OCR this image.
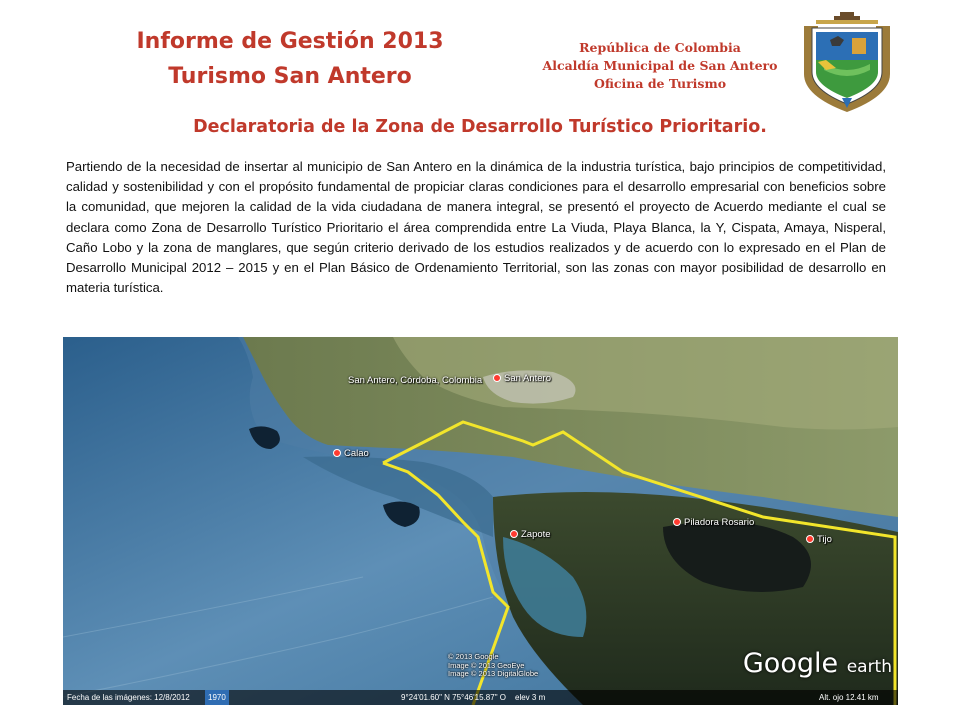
Informe de Gestión 2013
Turismo San Antero
República de Colombia
Alcaldía Municipal de San Antero
Oficina de Turismo
Declaratoria de la Zona de Desarrollo Turístico Prioritario.
Partiendo de la necesidad de insertar al municipio de San Antero en la dinámica de la industria turística, bajo principios de competitividad, calidad y sostenibilidad y con el propósito fundamental de propiciar claras condiciones para el desarrollo empresarial con beneficios sobre la comunidad, que mejoren la calidad de la vida ciudadana de manera integral, se presentó el proyecto de Acuerdo mediante el cual se declara como Zona de Desarrollo Turístico Prioritario el área comprendida entre La Viuda, Playa Blanca, la Y, Cispata, Amaya, Nisperal, Caño Lobo y la zona de manglares, que según criterio derivado de los estudios realizados y de acuerdo con lo expresado en el Plan de Desarrollo Municipal 2012 – 2015 y en el Plan Básico de Ordenamiento Territorial, son las zonas con mayor posibilidad de desarrollo en materia turística.
San Antero, Córdoba, Colombia	San Antero
Calao
Zapote
Piladora Rosario
Tijo
© 2013 Google
Image © 2013 GeoEye
Image © 2013 DigitalGlobe	Google earth
Fecha de las imágenes: 12/8/2012	1970	9°24'01.60" N 75°46'15.87" O elev 3 m	Alt. ojo 12.41 km
